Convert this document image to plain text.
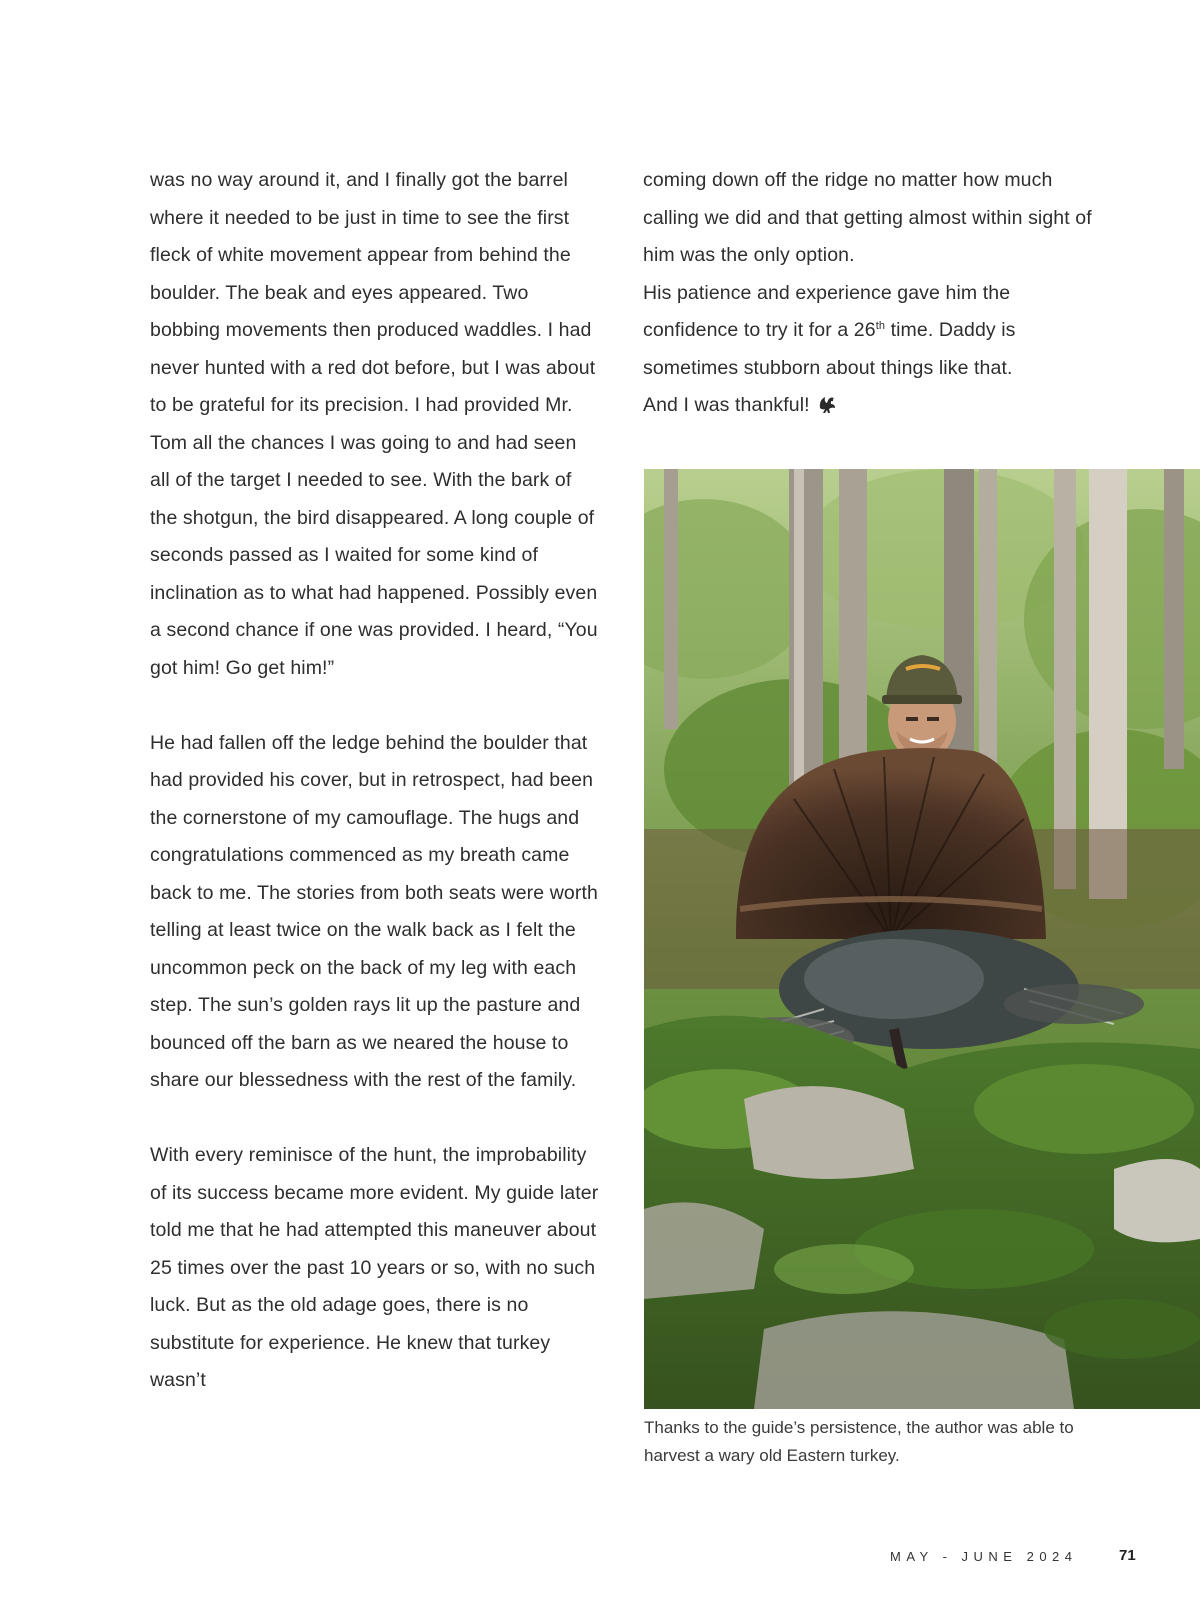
was no way around it, and I finally got the barrel where it needed to be just in time to see the first fleck of white movement appear from behind the boulder. The beak and eyes appeared. Two bobbing movements then produced waddles. I had never hunted with a red dot before, but I was about to be grateful for its precision. I had provided Mr. Tom all the chances I was going to and had seen all of the target I needed to see. With the bark of the shotgun, the bird disappeared. A long couple of seconds passed as I waited for some kind of inclination as to what had happened. Possibly even a second chance if one was provided. I heard, “You got him! Go get him!”

He had fallen off the ledge behind the boulder that had provided his cover, but in retrospect, had been the cornerstone of my camouflage. The hugs and congratulations commenced as my breath came back to me. The stories from both seats were worth telling at least twice on the walk back as I felt the uncommon peck on the back of my leg with each step. The sun’s golden rays lit up the pasture and bounced off the barn as we neared the house to share our blessedness with the rest of the family.

With every reminisce of the hunt, the improbability of its success became more evident. My guide later told me that he had attempted this maneuver about 25 times over the past 10 years or so, with no such luck. But as the old adage goes, there is no substitute for experience. He knew that turkey wasn’t

coming down off the ridge no matter how much calling we did and that getting almost within sight of him was the only option.

His patience and experience gave him the confidence to try it for a 26th time. Daddy is sometimes stubborn about things like that.

And I was thankful!

Thanks to the guide’s persistence, the author was able to harvest a wary old Eastern turkey.

MAY - JUNE 2024	71
